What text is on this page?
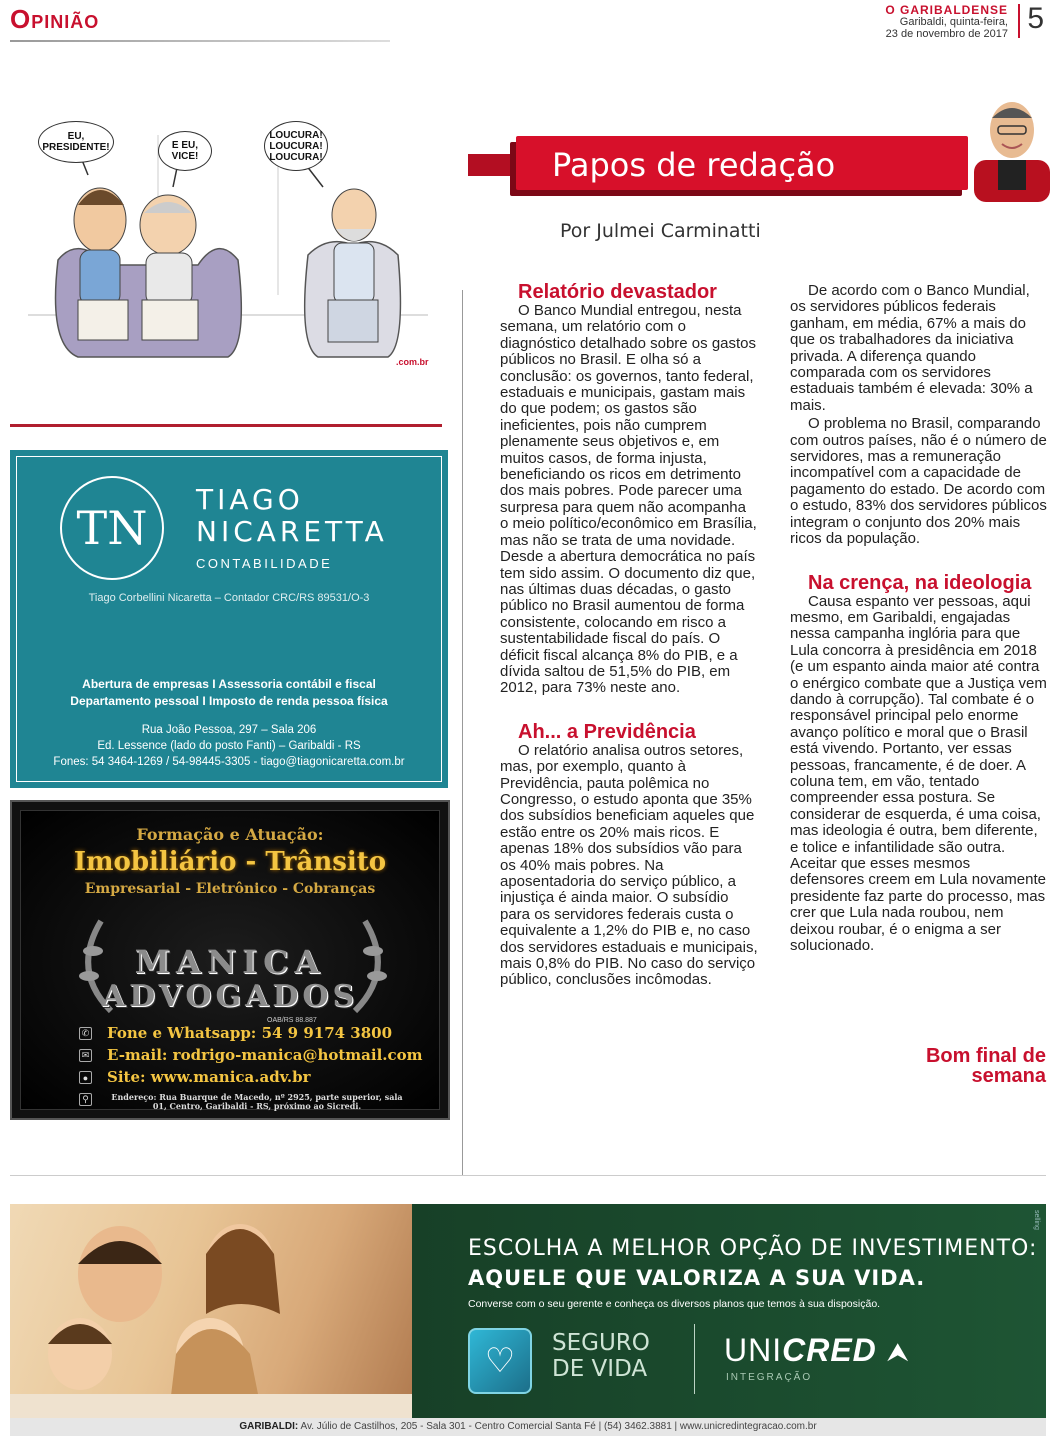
Opinião	O GARIBALDENSE
Garibaldi, quinta-feira,
23 de novembro de 2017 5
EU,
PRESIDENTE!	E EU,
VICE!
LOUCURA!
LOUCURA!
LOUCURA!
.com.br
Papos de redação
Por Julmei Carminatti
Relatório devastador

O Banco Mundial entregou, nesta semana, um relatório com o diagnóstico detalhado sobre os gastos públicos no Brasil. E olha só a conclusão: os governos, tanto federal, estaduais e municipais, gastam mais do que podem; os gastos são ineficientes, pois não cumprem plenamente seus objetivos e, em muitos casos, de forma injusta, beneficiando os ricos em detrimento dos mais pobres. Pode parecer uma surpresa para quem não acompanha o meio político/econômico em Brasília, mas não se trata de uma novidade. Desde a abertura democrática no país tem sido assim. O documento diz que, nas últimas duas décadas, o gasto público no Brasil aumentou de forma consistente, colocando em risco a sustentabilidade fiscal do país. O déficit fiscal alcança 8% do PIB, e a dívida saltou de 51,5% do PIB, em 2012, para 73% neste ano.

Ah... a Previdência

O relatório analisa outros setores, mas, por exemplo, quanto à Previdência, pauta polêmica no Congresso, o estudo aponta que 35% dos subsídios beneficiam aqueles que estão entre os 20% mais ricos. E apenas 18% dos subsídios vão para os 40% mais pobres. Na aposentadoria do serviço público, a injustiça é ainda maior. O subsídio para os servidores federais custa o equivalente a 1,2% do PIB e, no caso dos servidores estaduais e municipais, mais 0,8% do PIB. No caso do serviço público, conclusões incômodas.

De acordo com o Banco Mundial, os servidores públicos federais ganham, em média, 67% a mais do que os trabalhadores da iniciativa privada. A diferença quando comparada com os servidores estaduais também é elevada: 30% a mais.

O problema no Brasil, comparando com outros países, não é o número de servidores, mas a remuneração incompatível com a capacidade de pagamento do estado. De acordo com o estudo, 83% dos servidores públicos integram o conjunto dos 20% mais ricos da população.

Na crença, na ideologia

Causa espanto ver pessoas, aqui mesmo, em Garibaldi, engajadas nessa campanha inglória para que Lula concorra à presidência em 2018 (e um espanto ainda maior até contra o enérgico combate que a Justiça vem dando à corrupção). Tal combate é o responsável principal pelo enorme avanço político e moral que o Brasil está vivendo. Portanto, ver essas pessoas, francamente, é de doer. A coluna tem, em vão, tentado compreender essa postura. Se considerar de esquerda, é uma coisa, mas ideologia é outra, bem diferente, e tolice e infantilidade são outra. Aceitar que esses mesmos defensores creem em Lula novamente presidente faz parte do processo, mas crer que Lula nada roubou, nem deixou roubar, é o enigma a ser solucionado.

Bom final de semana
TN
TIAGO
NICARETTA
CONTABILIDADE
Tiago Corbellini Nicaretta – Contador CRC/RS 89531/O-3
Abertura de empresas I Assessoria contábil e fiscal
Departamento pessoal I Imposto de renda pessoa física
Rua João Pessoa, 297 – Sala 206
Ed. Lessence (lado do posto Fanti) – Garibaldi - RS
Fones: 54 3464-1269 / 54-98445-3305 - tiago@tiagonicaretta.com.br
Formação e Atuação:
Imobiliário - Trânsito
Empresarial - Eletrônico - Cobranças
MANICA
ADVOGADOS
OAB/RS 88.887
✆ Fone e Whatsapp: 54 9 9174 3800
✉ E-mail: rodrigo-manica@hotmail.com
● Site: www.manica.adv.br
⚲	Endereço: Rua Buarque de Macedo, nº 2925, parte superior, sala 01, Centro, Garibaldi - RS, próximo ao Sicredi.
ESCOLHA A MELHOR OPÇÃO DE INVESTIMENTO:
AQUELE QUE VALORIZA A SUA VIDA.
Converse com o seu gerente e conheça os diversos planos que temos à sua disposição.
♡	SEGURO
DE VIDA
UNICRED ⮝
INTEGRAÇÃO
selling
GARIBALDI: Av. Júlio de Castilhos, 205 - Sala 301 - Centro Comercial Santa Fé | (54) 3462.3881 | www.unicredintegracao.com.br
